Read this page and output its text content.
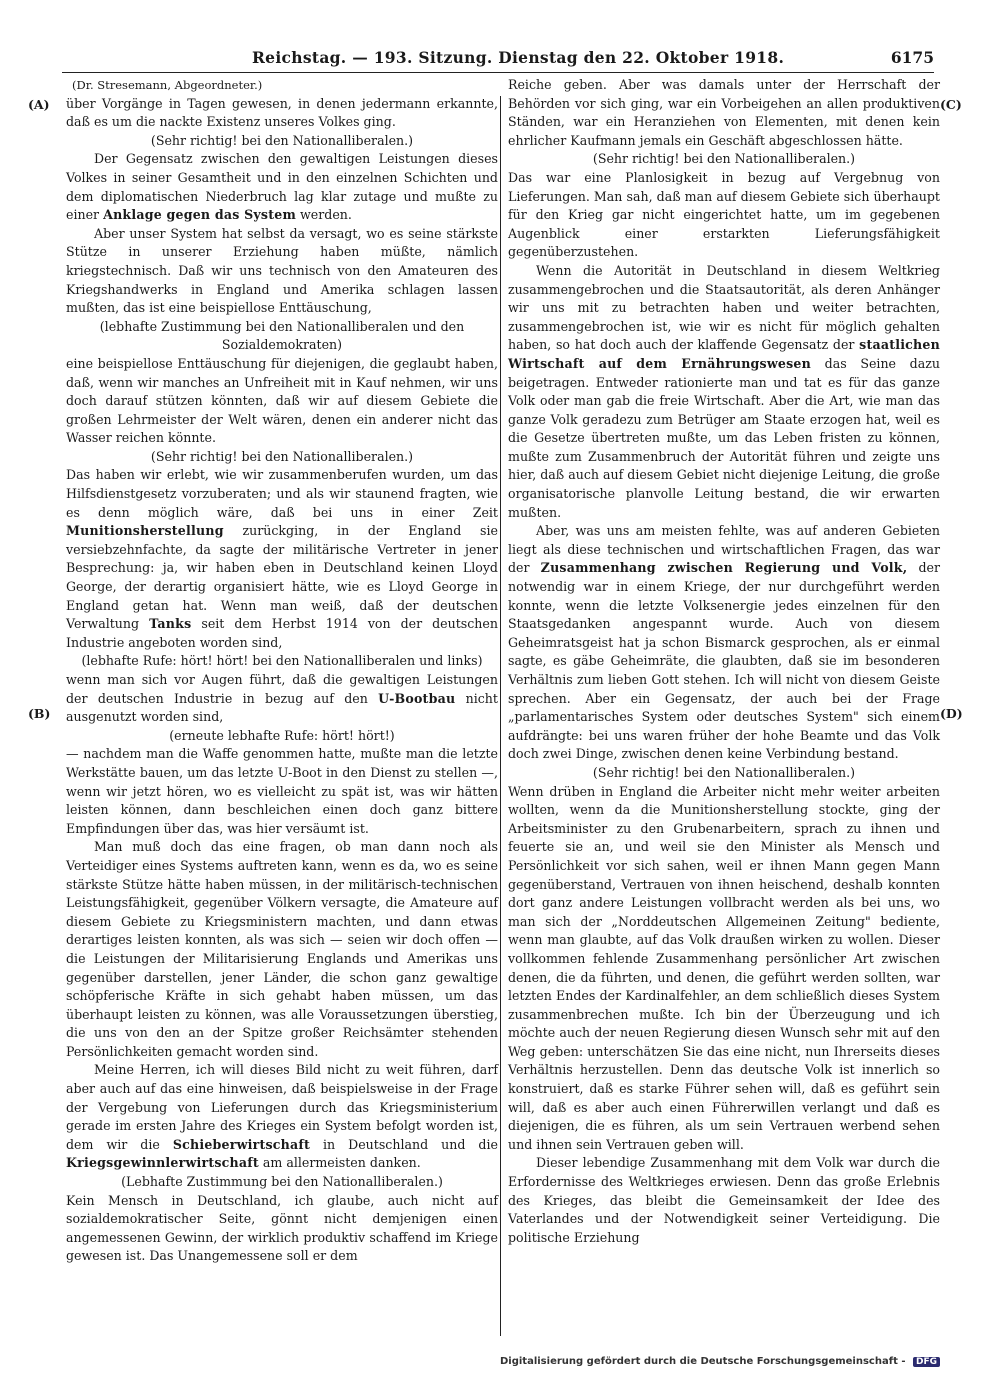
Reichstag. — 193. Sitzung. Dienstag den 22. Oktober 1918.	6175
(A)
(B)
(C)
(D)

(Dr. Stresemann, Abgeordneter.)

über Vorgänge in Tagen gewesen, in denen jedermann erkannte, daß es um die nackte Existenz unseres Volkes ging.

(Sehr richtig! bei den Nationalliberalen.)

Der Gegensatz zwischen den gewaltigen Leistungen dieses Volkes in seiner Gesamtheit und in den einzelnen Schichten und dem diplomatischen Niederbruch lag klar zutage und mußte zu einer Anklage gegen das System werden.

Aber unser System hat selbst da versagt, wo es seine stärkste Stütze in unserer Erziehung haben müßte, nämlich kriegstechnisch. Daß wir uns technisch von den Amateuren des Kriegshandwerks in England und Amerika schlagen lassen mußten, das ist eine beispiellose Enttäuschung,

(lebhafte Zustimmung bei den Nationalliberalen und den Sozialdemokraten)

eine beispiellose Enttäuschung für diejenigen, die geglaubt haben, daß, wenn wir manches an Unfreiheit mit in Kauf nehmen, wir uns doch darauf stützen könnten, daß wir auf diesem Gebiete die großen Lehrmeister der Welt wären, denen ein anderer nicht das Wasser reichen könnte.

(Sehr richtig! bei den Nationalliberalen.)

Das haben wir erlebt, wie wir zusammenberufen wurden, um das Hilfsdienstgesetz vorzuberaten; und als wir staunend fragten, wie es denn möglich wäre, daß bei uns in einer Zeit Munitionsherstellung zurückging, in der England sie versiebzehnfachte, da sagte der militärische Vertreter in jener Besprechung: ja, wir haben eben in Deutschland keinen Lloyd George, der derartig organisiert hätte, wie es Lloyd George in England getan hat. Wenn man weiß, daß der deutschen Verwaltung Tanks seit dem Herbst 1914 von der deutschen Industrie angeboten worden sind,

(lebhafte Rufe: hört! hört! bei den Nationalliberalen und links)

wenn man sich vor Augen führt, daß die gewaltigen Leistungen der deutschen Industrie in bezug auf den U-Bootbau nicht ausgenutzt worden sind,

(erneute lebhafte Rufe: hört! hört!)

— nachdem man die Waffe genommen hatte, mußte man die letzte Werkstätte bauen, um das letzte U-Boot in den Dienst zu stellen —, wenn wir jetzt hören, wo es vielleicht zu spät ist, was wir hätten leisten können, dann beschleichen einen doch ganz bittere Empfindungen über das, was hier versäumt ist.

Man muß doch das eine fragen, ob man dann noch als Verteidiger eines Systems auftreten kann, wenn es da, wo es seine stärkste Stütze hätte haben müssen, in der militärisch-technischen Leistungsfähigkeit, gegenüber Völkern versagte, die Amateure auf diesem Gebiete zu Kriegsministern machten, und dann etwas derartiges leisten konnten, als was sich — seien wir doch offen — die Leistungen der Militarisierung Englands und Amerikas uns gegenüber darstellen, jener Länder, die schon ganz gewaltige schöpferische Kräfte in sich gehabt haben müssen, um das überhaupt leisten zu können, was alle Voraussetzungen überstieg, die uns von den an der Spitze großer Reichsämter stehenden Persönlichkeiten gemacht worden sind.

Meine Herren, ich will dieses Bild nicht zu weit führen, darf aber auch auf das eine hinweisen, daß beispielsweise in der Frage der Vergebung von Lieferungen durch das Kriegsministerium gerade im ersten Jahre des Krieges ein System befolgt worden ist, dem wir die Schieberwirtschaft in Deutschland und die Kriegsgewinnlerwirtschaft am allermeisten danken.

(Lebhafte Zustimmung bei den Nationalliberalen.)

Kein Mensch in Deutschland, ich glaube, auch nicht auf sozialdemokratischer Seite, gönnt nicht demjenigen einen angemessenen Gewinn, der wirklich produktiv schaffend im Kriege gewesen ist. Das Unangemessene soll er dem

Reiche geben. Aber was damals unter der Herrschaft der Behörden vor sich ging, war ein Vorbeigehen an allen produktiven Ständen, war ein Heranziehen von Elementen, mit denen kein ehrlicher Kaufmann jemals ein Geschäft abgeschlossen hätte.

(Sehr richtig! bei den Nationalliberalen.)

Das war eine Planlosigkeit in bezug auf Vergebnug von Lieferungen. Man sah, daß man auf diesem Gebiete sich überhaupt für den Krieg gar nicht eingerichtet hatte, um im gegebenen Augenblick einer erstarkten Lieferungsfähigkeit gegenüberzustehen.

Wenn die Autorität in Deutschland in diesem Weltkrieg zusammengebrochen und die Staatsautorität, als deren Anhänger wir uns mit zu betrachten haben und weiter betrachten, zusammengebrochen ist, wie wir es nicht für möglich gehalten haben, so hat doch auch der klaffende Gegensatz der staatlichen Wirtschaft auf dem Ernährungswesen das Seine dazu beigetragen. Entweder rationierte man und tat es für das ganze Volk oder man gab die freie Wirtschaft. Aber die Art, wie man das ganze Volk geradezu zum Betrüger am Staate erzogen hat, weil es die Gesetze übertreten mußte, um das Leben fristen zu können, mußte zum Zusammenbruch der Autorität führen und zeigte uns hier, daß auch auf diesem Gebiet nicht diejenige Leitung, die große organisatorische planvolle Leitung bestand, die wir erwarten mußten.

Aber, was uns am meisten fehlte, was auf anderen Gebieten liegt als diese technischen und wirtschaftlichen Fragen, das war der Zusammenhang zwischen Regierung und Volk, der notwendig war in einem Kriege, der nur durchgeführt werden konnte, wenn die letzte Volksenergie jedes einzelnen für den Staatsgedanken angespannt wurde. Auch von diesem Geheimratsgeist hat ja schon Bismarck gesprochen, als er einmal sagte, es gäbe Geheimräte, die glaubten, daß sie im besonderen Verhältnis zum lieben Gott stehen. Ich will nicht von diesem Geiste sprechen. Aber ein Gegensatz, der auch bei der Frage „parlamentarisches System oder deutsches System" sich einem aufdrängte: bei uns waren früher der hohe Beamte und das Volk doch zwei Dinge, zwischen denen keine Verbindung bestand.

(Sehr richtig! bei den Nationalliberalen.)

Wenn drüben in England die Arbeiter nicht mehr weiter arbeiten wollten, wenn da die Munitionsherstellung stockte, ging der Arbeitsminister zu den Grubenarbeitern, sprach zu ihnen und feuerte sie an, und weil sie den Minister als Mensch und Persönlichkeit vor sich sahen, weil er ihnen Mann gegen Mann gegenüberstand, Vertrauen von ihnen heischend, deshalb konnten dort ganz andere Leistungen vollbracht werden als bei uns, wo man sich der „Norddeutschen Allgemeinen Zeitung" bediente, wenn man glaubte, auf das Volk draußen wirken zu wollen. Dieser vollkommen fehlende Zusammenhang persönlicher Art zwischen denen, die da führten, und denen, die geführt werden sollten, war letzten Endes der Kardinalfehler, an dem schließlich dieses System zusammenbrechen mußte. Ich bin der Überzeugung und ich möchte auch der neuen Regierung diesen Wunsch sehr mit auf den Weg geben: unterschätzen Sie das eine nicht, nun Ihrerseits dieses Verhältnis herzustellen. Denn das deutsche Volk ist innerlich so konstruiert, daß es starke Führer sehen will, daß es geführt sein will, daß es aber auch einen Führerwillen verlangt und daß es diejenigen, die es führen, als um sein Vertrauen werbend sehen und ihnen sein Vertrauen geben will.

Dieser lebendige Zusammenhang mit dem Volk war durch die Erfordernisse des Weltkrieges erwiesen. Denn das große Erlebnis des Krieges, das bleibt die Gemeinsamkeit der Idee des Vaterlandes und der Notwendigkeit seiner Verteidigung. Die politische Erziehung

Digitalisierung gefördert durch die Deutsche Forschungsgemeinschaft - DFG
